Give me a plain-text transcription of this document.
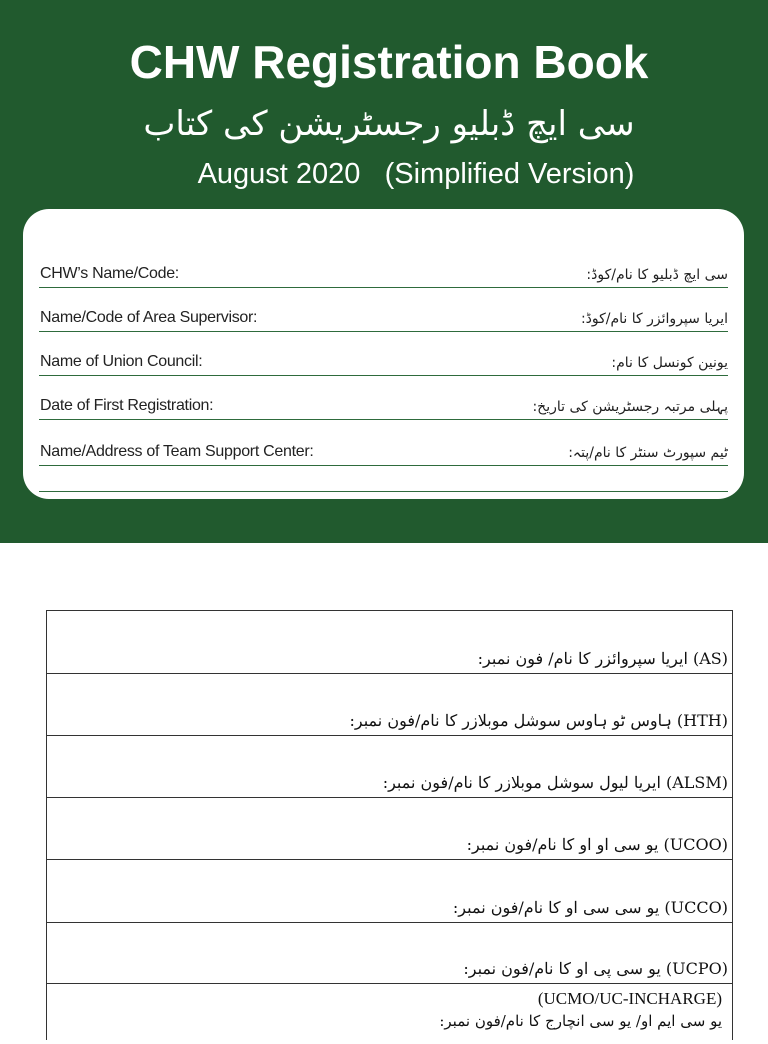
CHW Registration Book
سی ایچ ڈبلیو رجسٹریشن کی کتاب
August 2020   (Simplified Version)
CHW’s Name/Code:	سی ایچ ڈبلیو کا نام/کوڈ:
Name/Code of Area Supervisor:	ایریا سپروائزر کا نام/کوڈ:
Name of Union Council:	یونین کونسل کا نام:
Date of First Registration:	پہلی مرتبہ رجسٹریشن کی تاریخ:
Name/Address of Team Support Center:	ٹیم سپورٹ سنٹر کا نام/پتہ:
(AS) ایریا سپروائزر کا نام/ فون نمبر:
(HTH) ہاوس ٹو ہاوس سوشل موبلازر کا نام/فون نمبر:
(ALSM) ایریا لیول سوشل موبلازر کا نام/فون نمبر:
(UCOO) یو سی او او کا نام/فون نمبر:
(UCCO) یو سی سی او کا نام/فون نمبر:
(UCPO) یو سی پی او کا نام/فون نمبر:
(UCMO/UC-INCHARGE)
یو سی ایم او/ یو سی انچارج کا نام/فون نمبر:
